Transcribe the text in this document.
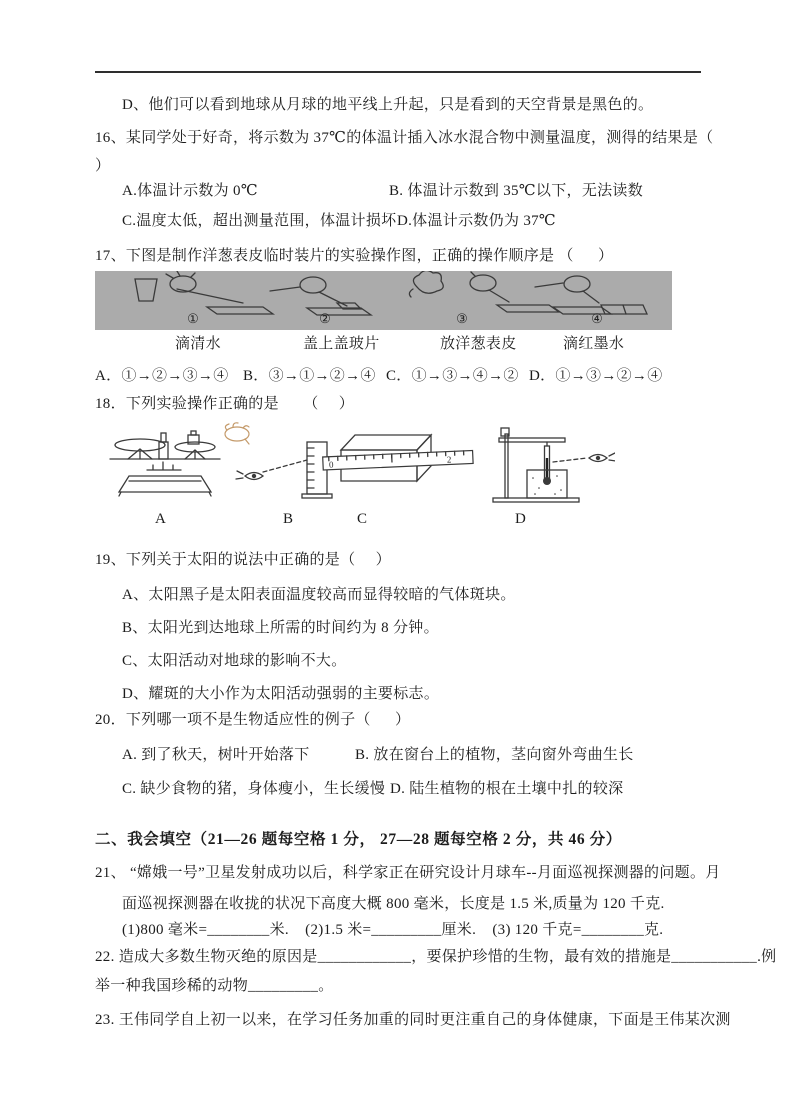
D、他们可以看到地球从月球的地平线上升起，只是看到的天空背景是黑色的。
16、某同学处于好奇，将示数为 37℃的体温计插入冰水混合物中测量温度，测得的结果是（
）
A.体温计示数为 0℃	B. 体温计示数到 35℃以下，无法读数
C.温度太低，超出测量范围，体温计损坏 D.体温计示数仍为 37℃
17、下图是制作洋葱表皮临时装片的实验操作图，正确的操作顺序是 （      ）
①	②	③	④
滴清水	盖上盖玻片	放洋葱表皮	滴红墨水
A．①→②→③→④ B．③→①→②→④ C．①→③→④→② D．①→③→②→④
18．下列实验操作正确的是      （     ）
0
2
A	B	C	D
19、下列关于太阳的说法中正确的是（     ）
A、太阳黑子是太阳表面温度较高而显得较暗的气体斑块。
B、太阳光到达地球上所需的时间约为 8 分钟。
C、太阳活动对地球的影响不大。
D、耀斑的大小作为太阳活动强弱的主要标志。
20．下列哪一项不是生物适应性的例子（      ）
A. 到了秋天，树叶开始落下	B. 放在窗台上的植物，茎向窗外弯曲生长
C. 缺少食物的猪，身体瘦小，生长缓慢 D. 陆生植物的根在土壤中扎的较深
二、我会填空（21—26 题每空格 1 分， 27—28 题每空格 2 分，共 46 分）
21、 “嫦娥一号”卫星发射成功以后，科学家正在研究设计月球车--月面巡视探测器的问题。月
面巡视探测器在收拢的状况下高度大概 800 毫米，长度是 1.5 米,质量为 120 千克.
(1)800 毫米=________米.    (2)1.5 米=_________厘米.    (3) 120 千克=________克.
22. 造成大多数生物灭绝的原因是____________，要保护珍惜的生物，最有效的措施是___________.例
举一种我国珍稀的动物_________。
23. 王伟同学自上初一以来，在学习任务加重的同时更注重自己的身体健康，下面是王伟某次测
